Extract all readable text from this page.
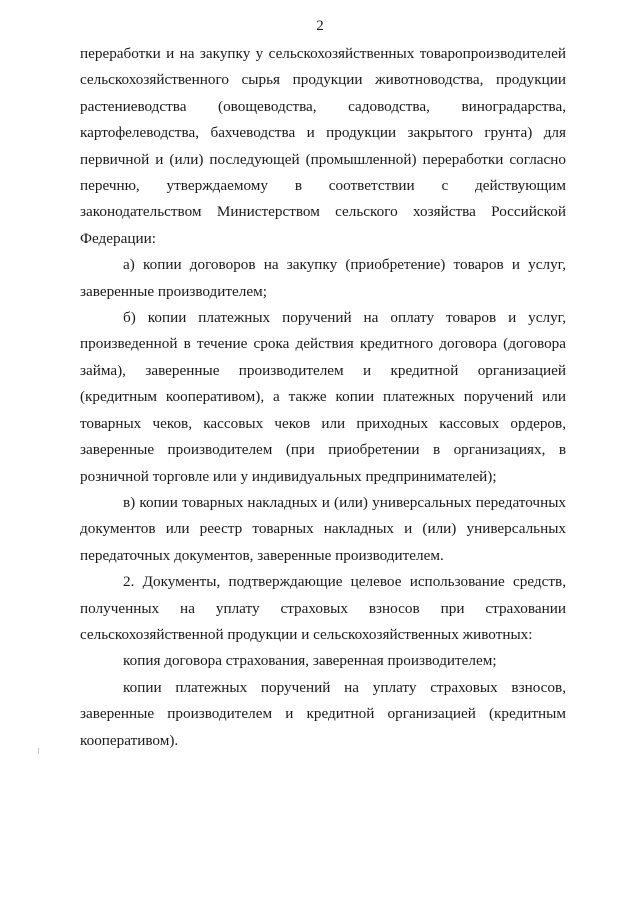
2

переработки и на закупку у сельскохозяйственных товаропроизводителей сельскохозяйственного сырья продукции животноводства, продукции растениеводства (овощеводства, садоводства, виноградарства, картофелеводства, бахчеводства и продукции закрытого грунта) для первичной и (или) последующей (промышленной) переработки согласно перечню, утверждаемому в соответствии с действующим законодательством Министерством сельского хозяйства Российской Федерации:

а) копии договоров на закупку (приобретение) товаров и услуг, заверенные производителем;

б) копии платежных поручений на оплату товаров и услуг, произведенной в течение срока действия кредитного договора (договора займа), заверенные производителем и кредитной организацией (кредитным кооперативом), а также копии платежных поручений или товарных чеков, кассовых чеков или приходных кассовых ордеров, заверенные производителем (при приобретении в организациях, в розничной торговле или у индивидуальных предпринимателей);

в) копии товарных накладных и (или) универсальных передаточных документов или реестр товарных накладных и (или) универсальных передаточных документов, заверенные производителем.

2. Документы, подтверждающие целевое использование средств, полученных на уплату страховых взносов при страховании сельскохозяйственной продукции и сельскохозяйственных животных:

копия договора страхования, заверенная производителем;

копии платежных поручений на уплату страховых взносов, заверенные производителем и кредитной организацией (кредитным кооперативом).
